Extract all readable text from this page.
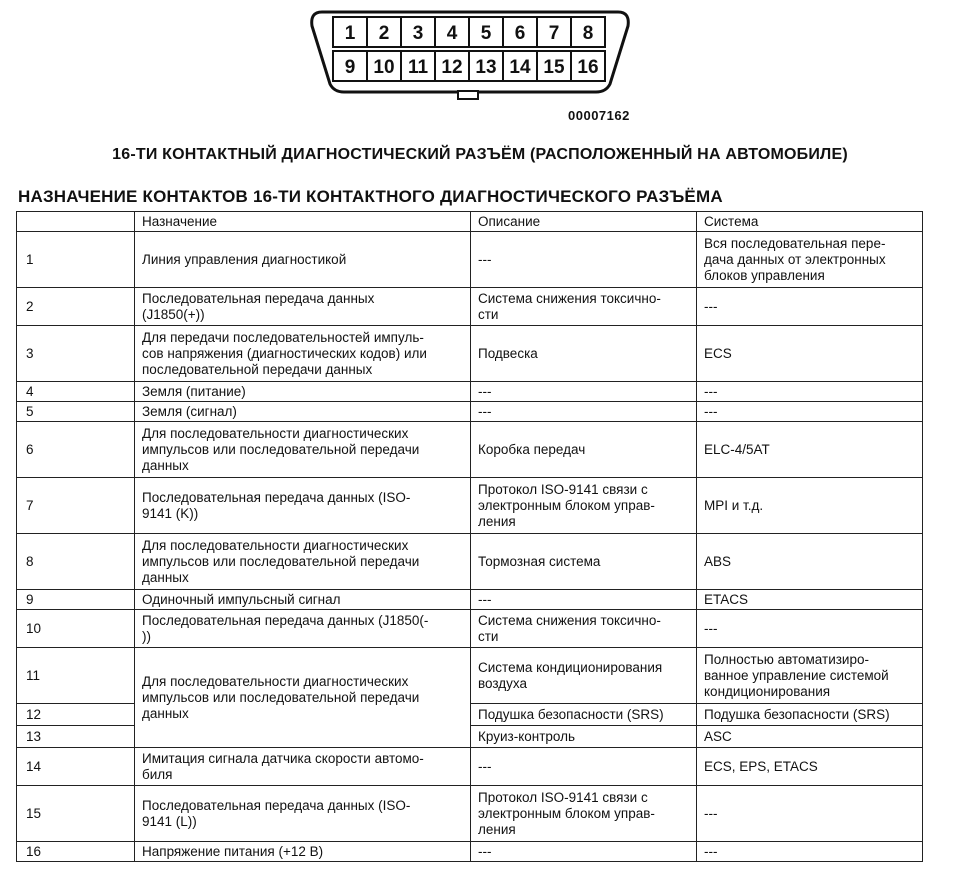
1 2 3 4 5 6 7 8
9 10 11 12 13 14 15 16
00007162
16-ТИ КОНТАКТНЫЙ ДИАГНОСТИЧЕСКИЙ РАЗЪЁМ (РАСПОЛОЖЕННЫЙ НА АВТОМОБИЛЕ)
НАЗНАЧЕНИЕ КОНТАКТОВ 16-ТИ КОНТАКТНОГО ДИАГНОСТИЧЕСКОГО РАЗЪЁМА
	Назначение	Описание	Система
1	Линия управления диагностикой	---	Вся последовательная пере-
дача данных от электронных
блоков управления
2	Последовательная передача данных
(J1850(+))	Система снижения токсично-
сти	---
3	Для передачи последовательностей импуль-
сов напряжения (диагностических кодов) или
последовательной передачи данных	Подвеска	ECS
4	Земля (питание)	---	---
5	Земля (сигнал)	---	---
6	Для последовательности диагностических
импульсов или последовательной передачи
данных	Коробка передач	ELC-4/5AT
7	Последовательная передача данных (ISO-
9141 (K))	Протокол ISO-9141 связи с
электронным блоком управ-
ления	MPI и т.д.
8	Для последовательности диагностических
импульсов или последовательной передачи
данных	Тормозная система	ABS
9	Одиночный импульсный сигнал	---	ETACS
10	Последовательная передача данных (J1850(-
))	Система снижения токсично-
сти	---
11	Для последовательности диагностических
импульсов или последовательной передачи
данных	Система кондиционирования
воздуха	Полностью автоматизиро-
ванное управление системой
кондиционирования
12		Подушка безопасности (SRS)	Подушка безопасности (SRS)
13		Круиз-контроль	ASC
14	Имитация сигнала датчика скорости автомо-
биля	---	ECS, EPS, ETACS
15	Последовательная передача данных (ISO-
9141 (L))	Протокол ISO-9141 связи с
электронным блоком управ-
ления	---
16	Напряжение питания (+12 В)	---	---
